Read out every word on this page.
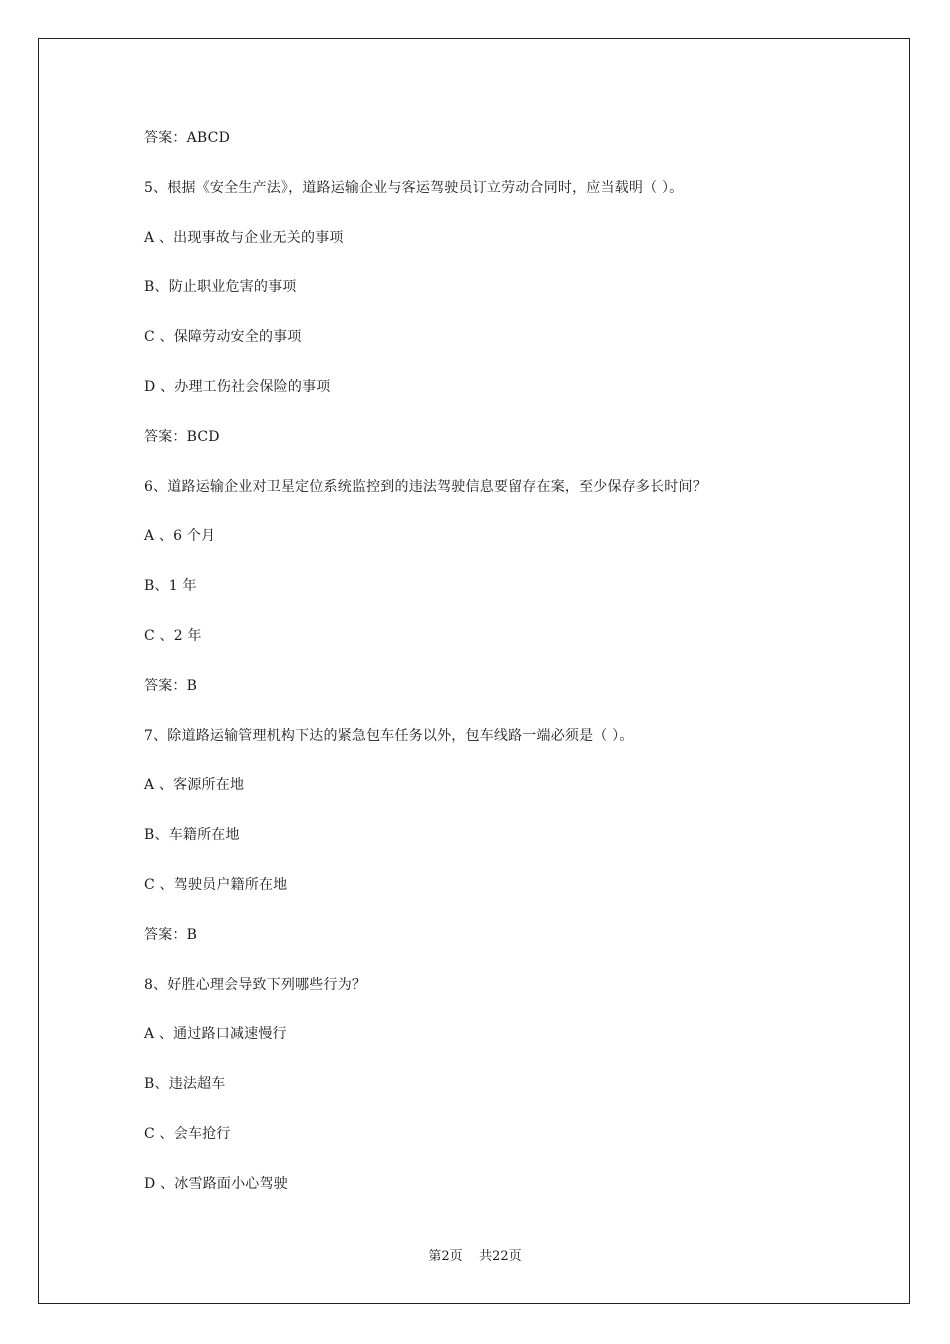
答案：ABCD
5、根据《安全生产法》，道路运输企业与客运驾驶员订立劳动合同时，应当载明（ ）。
A 、出现事故与企业无关的事项
B、防止职业危害的事项
C 、保障劳动安全的事项
D 、办理工伤社会保险的事项
答案：BCD
6、道路运输企业对卫星定位系统监控到的违法驾驶信息要留存在案，至少保存多长时间？
A 、6 个月
B、1 年
C 、2 年
答案：B
7、除道路运输管理机构下达的紧急包车任务以外，包车线路一端必须是（ ）。
A 、客源所在地
B、车籍所在地
C 、驾驶员户籍所在地
答案：B
8、好胜心理会导致下列哪些行为？
A 、通过路口减速慢行
B、违法超车
C 、会车抢行
D 、冰雪路面小心驾驶
第2页    共22页
